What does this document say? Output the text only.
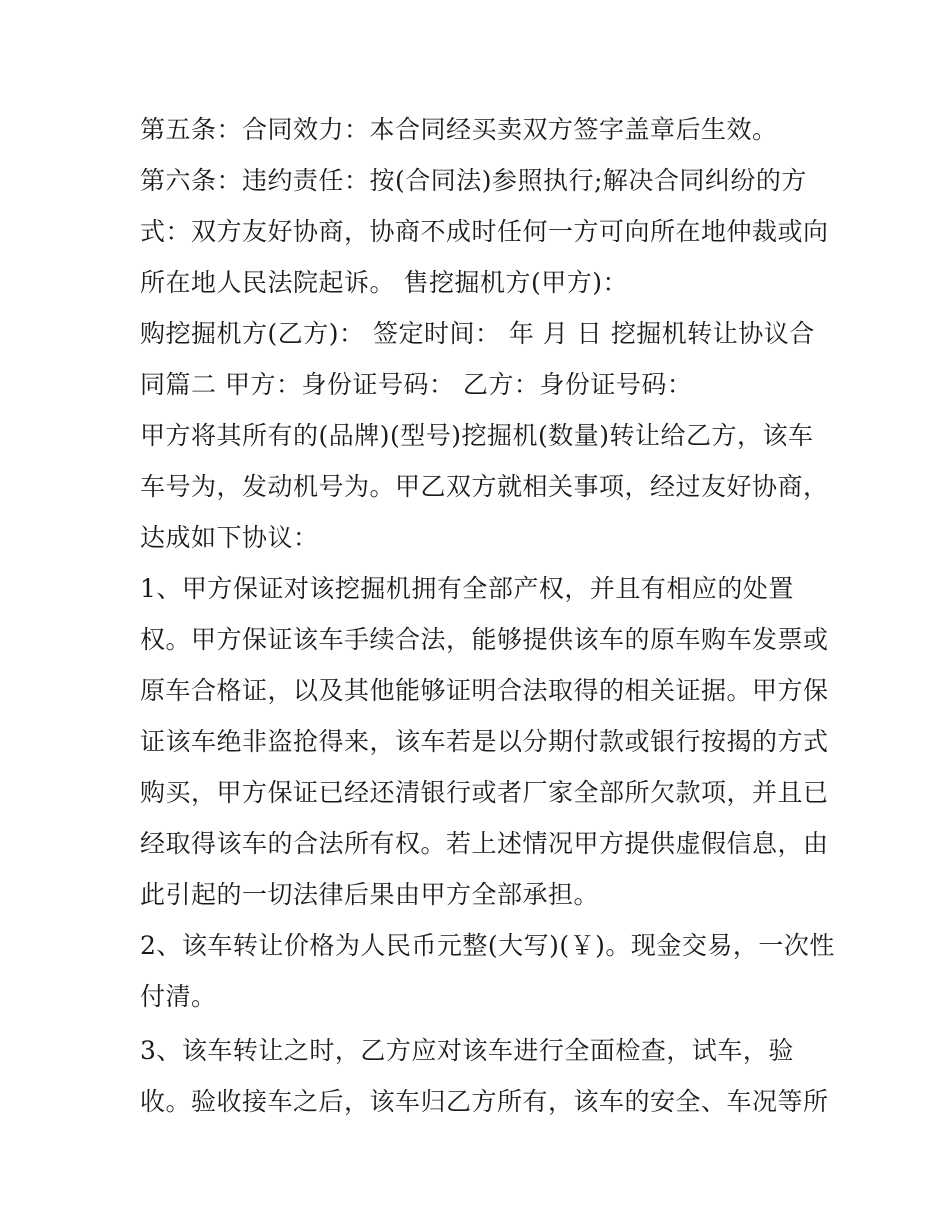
第五条：合同效力：本合同经买卖双方签字盖章后生效。
第六条：违约责任：按(合同法)参照执行;解决合同纠纷的方
式：双方友好协商，协商不成时任何一方可向所在地仲裁或向
所在地人民法院起诉。 售挖掘机方(甲方)：
购挖掘机方(乙方)： 签定时间： 年 月 日 挖掘机转让协议合
同篇二 甲方：身份证号码： 乙方：身份证号码：
甲方将其所有的(品牌)(型号)挖掘机(数量)转让给乙方，该车
车号为，发动机号为。甲乙双方就相关事项，经过友好协商，
达成如下协议：
1、甲方保证对该挖掘机拥有全部产权，并且有相应的处置
权。甲方保证该车手续合法，能够提供该车的原车购车发票或
原车合格证，以及其他能够证明合法取得的相关证据。甲方保
证该车绝非盗抢得来，该车若是以分期付款或银行按揭的方式
购买，甲方保证已经还清银行或者厂家全部所欠款项，并且已
经取得该车的合法所有权。若上述情况甲方提供虚假信息，由
此引起的一切法律后果由甲方全部承担。
2、该车转让价格为人民币元整(大写)(￥)。现金交易，一次性
付清。
3、该车转让之时，乙方应对该车进行全面检查，试车，验
收。验收接车之后，该车归乙方所有，该车的安全、车况等所
